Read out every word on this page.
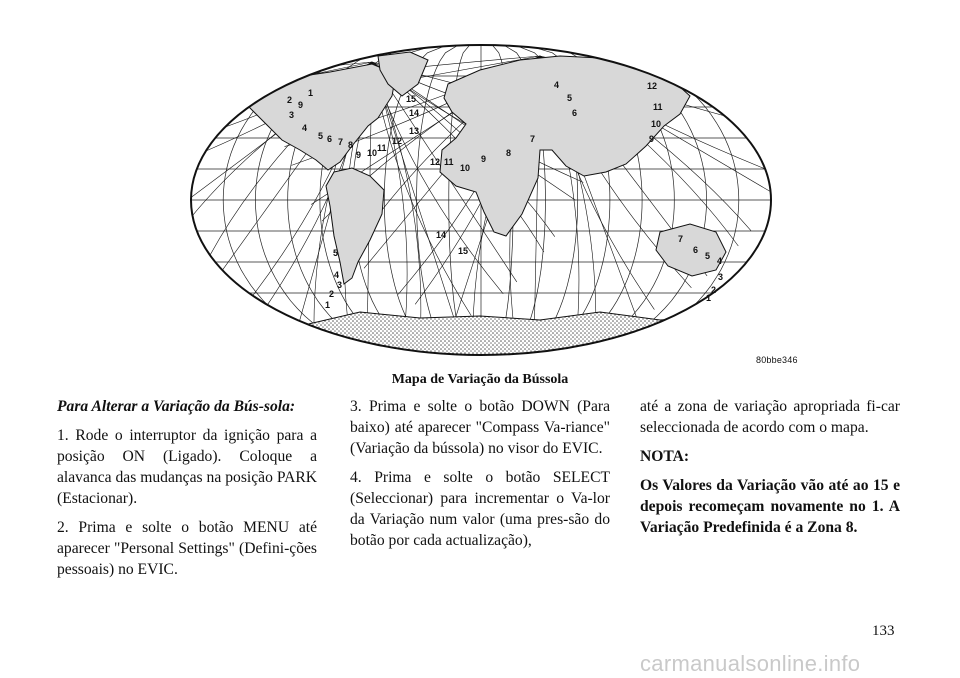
1
2 9
3
4
5 6 7 8
9 10 11
12
13
14
15
12 11
10
9
8
7
6
5
4	12
11
10
9
7
6
5 4
3
2
1
14
15
5
4
3
2
1
80bbe346
Mapa de Variação da Bússola

Para Alterar a Variação da Bús-sola:

1. Rode o interruptor da ignição para a posição ON (Ligado). Coloque a alavanca das mudanças na posição PARK (Estacionar).

2. Prima e solte o botão MENU até aparecer "Personal Settings" (Defini-ções pessoais) no EVIC.

3. Prima e solte o botão DOWN (Para baixo) até aparecer "Compass Va-riance" (Variação da bússola) no visor do EVIC.

4. Prima e solte o botão SELECT (Seleccionar) para incrementar o Va-lor da Variação num valor (uma pres-são do botão por cada actualização),

até a zona de variação apropriada fi-car seleccionada de acordo com o mapa.

NOTA:

Os Valores da Variação vão até ao 15 e depois recomeçam novamente no 1. A Variação Predefinida é a Zona 8.

133
carmanualsonline.info
